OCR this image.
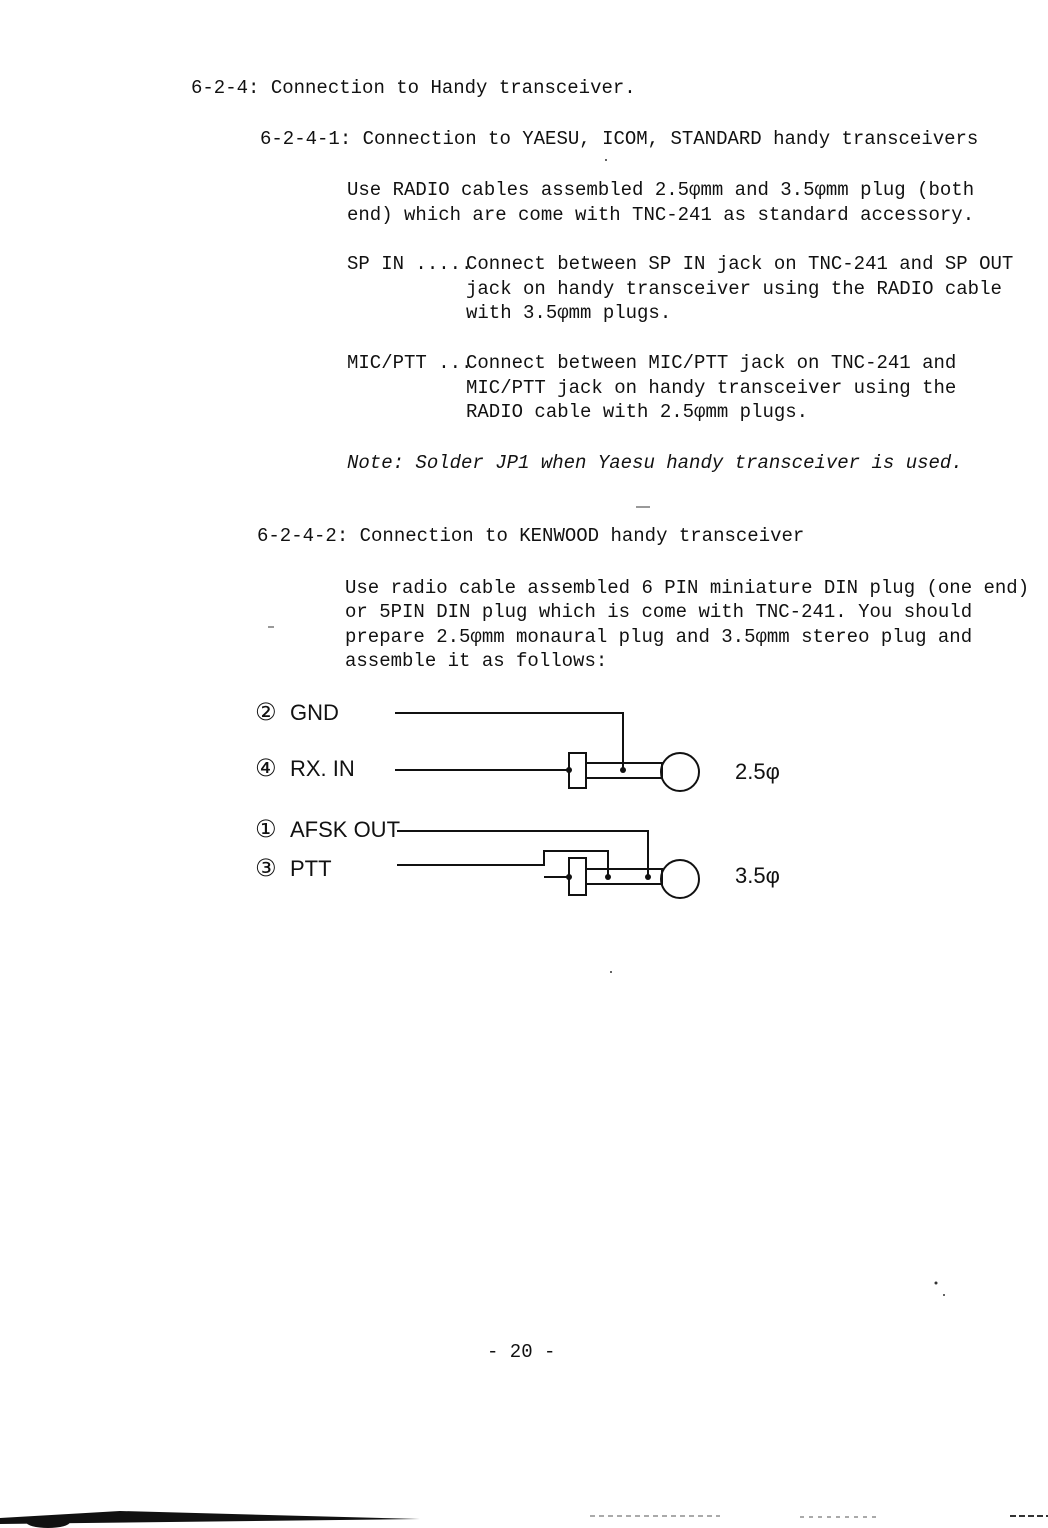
6-2-4: Connection to Handy transceiver.
6-2-4-1: Connection to YAESU, ICOM, STANDARD handy transceivers
Use RADIO cables assembled 2.5φmm and 3.5φmm plug (both
end) which are come with TNC-241 as standard accessory.
SP IN .....
Connect between SP IN jack on TNC-241 and SP OUT
jack on handy transceiver using the RADIO cable
with 3.5φmm plugs.
MIC/PTT ...
Connect between MIC/PTT jack on TNC-241 and
MIC/PTT jack on handy transceiver using the
RADIO cable with 2.5φmm plugs.
Note: Solder JP1 when Yaesu handy transceiver is used.
6-2-4-2: Connection to KENWOOD handy transceiver
Use radio cable assembled 6 PIN miniature DIN plug (one end)
or 5PIN DIN plug which is come with TNC-241. You should
prepare 2.5φmm monaural plug and 3.5φmm stereo plug and
assemble it as follows:
② GND
④ RX. IN
① AFSK OUT
③ PTT
2.5φ
3.5φ
- 20 -
